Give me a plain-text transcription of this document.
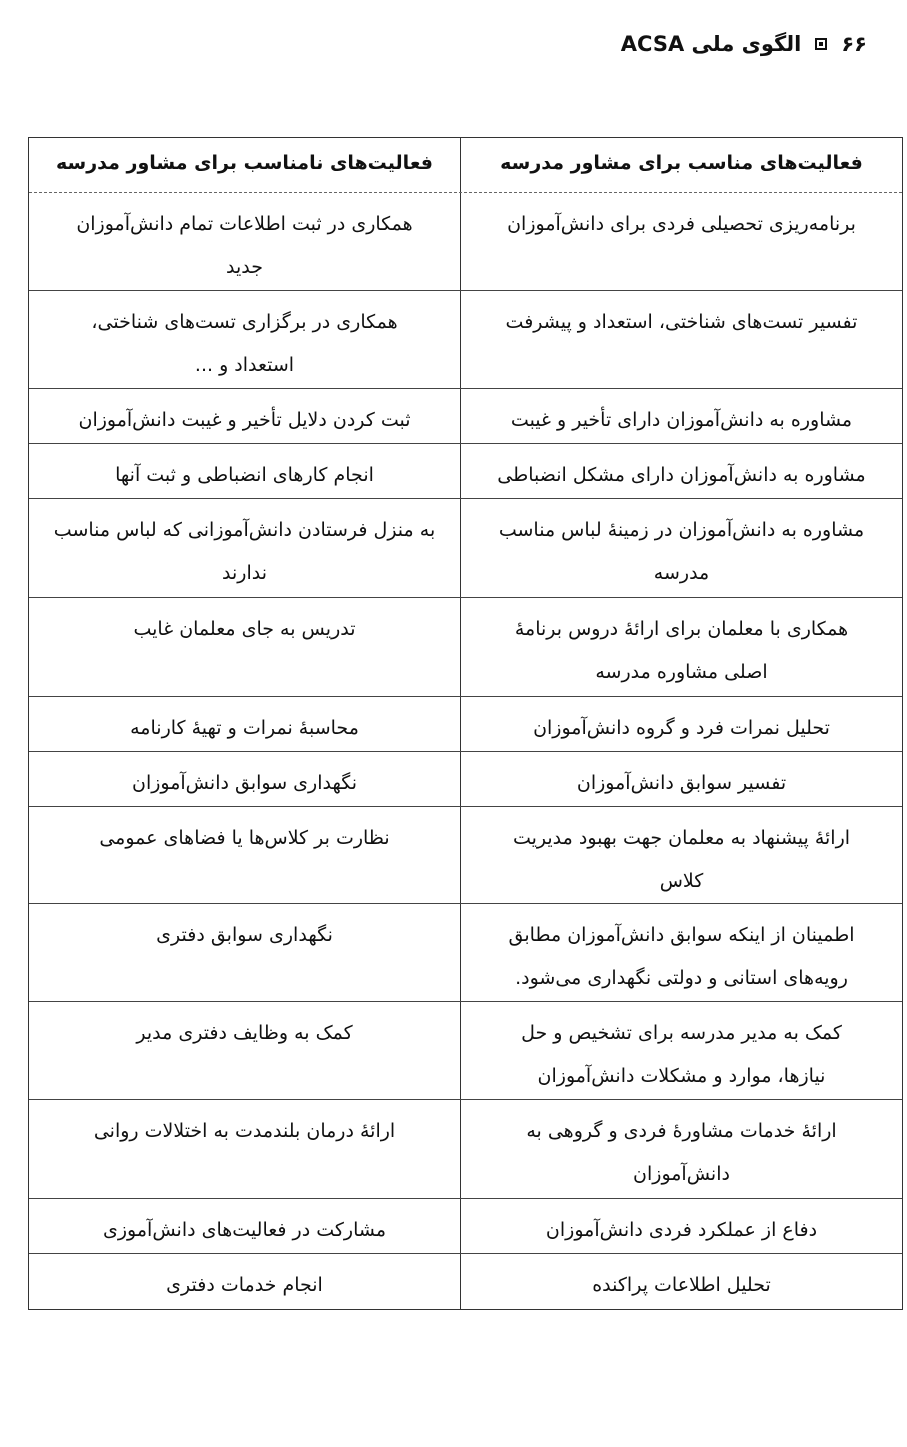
۶۶
الگوی ملی ACSA
فعالیت‌های مناسب برای مشاور مدرسه
فعالیت‌های نامناسب برای مشاور مدرسه
برنامه‌ریزی تحصیلی فردی برای دانش‌آموزان
همکاری در ثبت اطلاعات تمام دانش‌آموزان
جدید
تفسیر تست‌های شناختی، استعداد و پیشرفت
همکاری در برگزاری تست‌های شناختی،
استعداد و ...
مشاوره به دانش‌آموزان دارای تأخیر و غیبت
ثبت کردن دلایل تأخیر و غیبت دانش‌آموزان
مشاوره به دانش‌آموزان دارای مشکل انضباطی
انجام کارهای انضباطی و ثبت آنها
مشاوره به دانش‌آموزان در زمینهٔ لباس مناسب
مدرسه
به منزل فرستادن دانش‌آموزانی که لباس مناسب
ندارند
همکاری با معلمان برای ارائهٔ دروس برنامهٔ
اصلی مشاوره مدرسه
تدریس به جای معلمان غایب
تحلیل نمرات فرد و گروه دانش‌آموزان
محاسبهٔ نمرات و تهیهٔ کارنامه
تفسیر سوابق دانش‌آموزان
نگهداری سوابق دانش‌آموزان
ارائهٔ پیشنهاد به معلمان جهت بهبود مدیریت
کلاس
نظارت بر کلاس‌ها یا فضاهای عمومی
اطمینان از اینکه سوابق دانش‌آموزان مطابق
رویه‌های استانی و دولتی نگهداری می‌شود.
نگهداری سوابق دفتری
کمک به مدیر مدرسه برای تشخیص و حل
نیازها، موارد و مشکلات دانش‌آموزان
کمک به وظایف دفتری مدیر
ارائهٔ خدمات مشاورهٔ فردی و گروهی به
دانش‌آموزان
ارائهٔ درمان بلندمدت به اختلالات روانی
دفاع از عملکرد فردی دانش‌آموزان
مشارکت در فعالیت‌های دانش‌آموزی
تحلیل اطلاعات پراکنده
انجام خدمات دفتری
